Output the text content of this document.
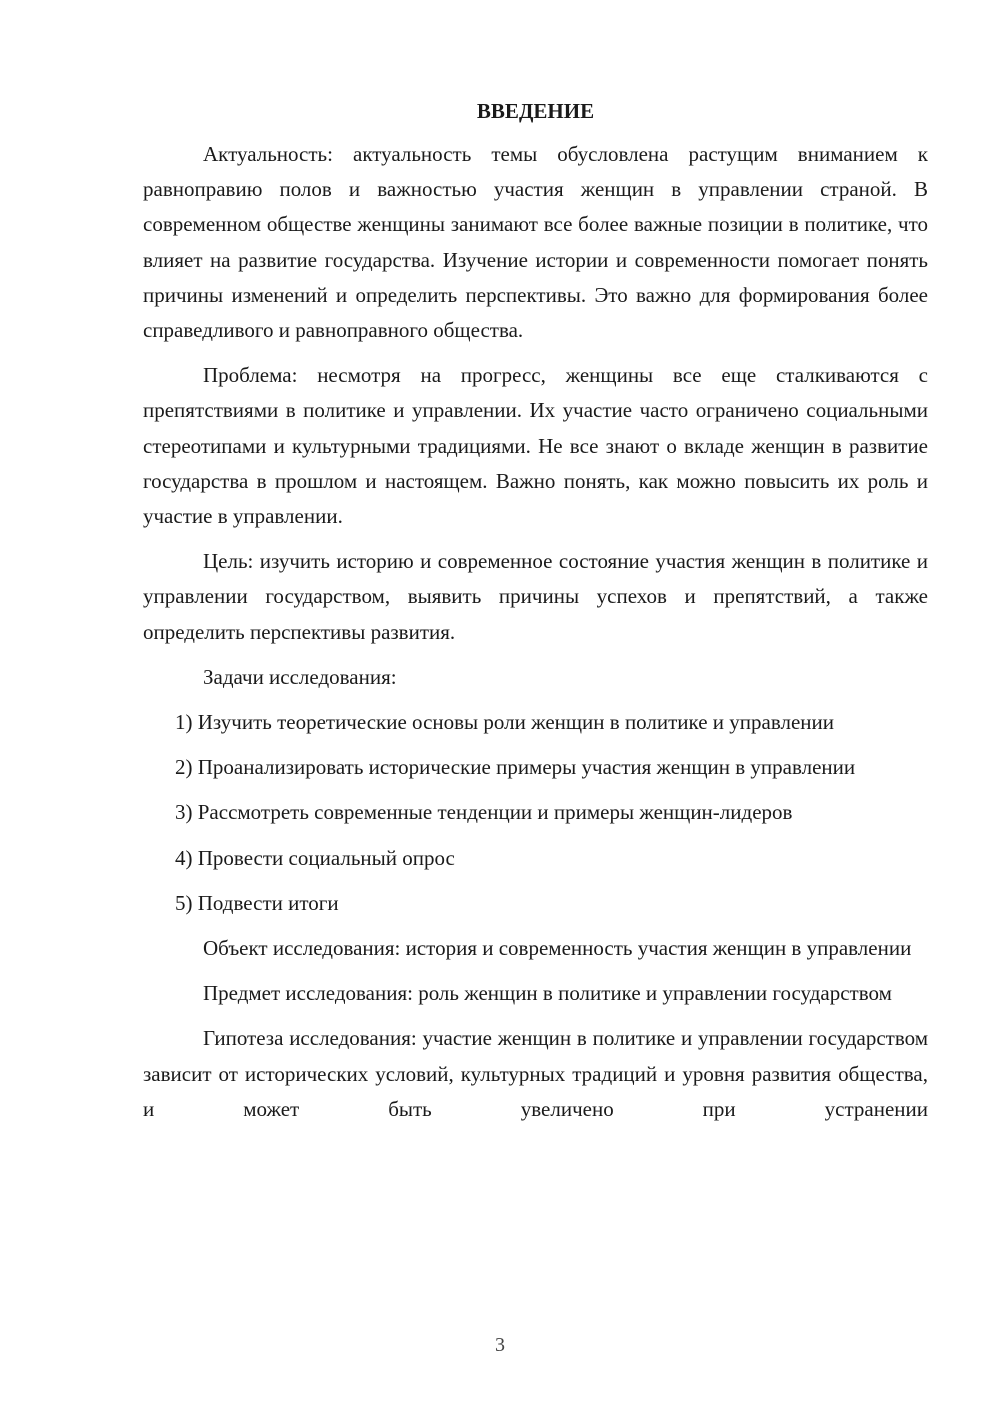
ВВЕДЕНИЕ

Актуальность: актуальность темы обусловлена растущим вниманием к равноправию полов и важностью участия женщин в управлении страной. В современном обществе женщины занимают все более важные позиции в политике, что влияет на развитие государства. Изучение истории и современности помогает понять причины изменений и определить перспективы. Это важно для формирования более справедливого и равноправного общества.

Проблема: несмотря на прогресс, женщины все еще сталкиваются с препятствиями в политике и управлении. Их участие часто ограничено социальными стереотипами и культурными традициями. Не все знают о вкладе женщин в развитие государства в прошлом и настоящем. Важно понять, как можно повысить их роль и участие в управлении.

Цель: изучить историю и современное состояние участия женщин в политике и управлении государством, выявить причины успехов и препятствий, а также определить перспективы развития.

Задачи исследования:

1) Изучить теоретические основы роли женщин в политике и управлении

2) Проанализировать исторические примеры участия женщин в управлении

3) Рассмотреть современные тенденции и примеры женщин-лидеров

4) Провести социальный опрос

5) Подвести итоги

Объект исследования: история и современность участия женщин в управлении

Предмет исследования: роль женщин в политике и управлении государством

Гипотеза исследования: участие женщин в политике и управлении государством зависит от исторических условий, культурных традиций и уровня развития общества, и может быть увеличено при устранении

3
